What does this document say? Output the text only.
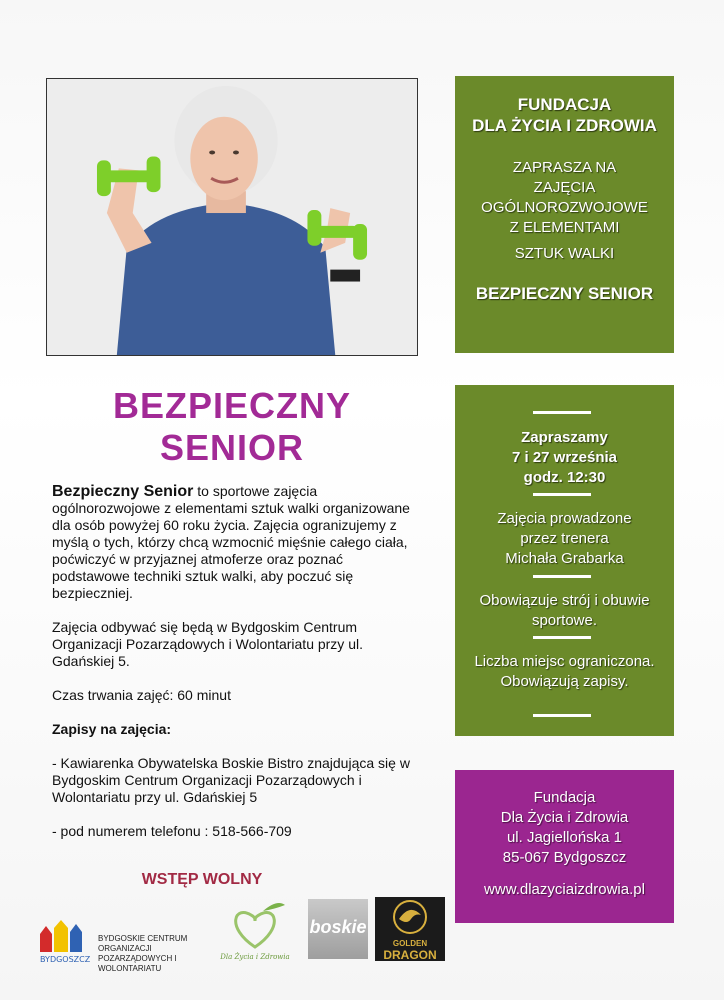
FUNDACJA
DLA ŻYCIA I ZDROWIA
ZAPRASZA NA
ZAJĘCIA
OGÓLNOROZWOJOWE
Z ELEMENTAMI
SZTUK WALKI
BEZPIECZNY SENIOR
BEZPIECZNY
SENIOR

Bezpieczny Senior to sportowe zajęcia ogólnorozwojowe z elementami sztuk walki organizowane dla osób powyżej 60 roku życia. Zajęcia ogranizujemy z myślą o tych, którzy chcą wzmocnić mięśnie całego ciała, poćwiczyć w przyjaznej atmoferze oraz poznać podstawowe techniki sztuk walki, aby poczuć się bezpieczniej.

Zajęcia odbywać się będą w Bydgoskim Centrum Organizacji Pozarządowych i Wolontariatu przy ul. Gdańskiej 5.

Czas trwania zajęć: 60 minut

Zapisy na zajęcia:

- Kawiarenka Obywatelska Boskie Bistro znajdująca się w Bydgoskim Centrum Organizacji Pozarządowych i Wolontariatu przy ul. Gdańskiej 5

- pod numerem telefonu : 518-566-709

WSTĘP WOLNY
Zapraszamy
7 i 27 września
godz. 12:30
Zajęcia prowadzone
przez trenera
Michała Grabarka
Obowiązuje strój i obuwie
sportowe.
Liczba miejsc ograniczona.
Obowiązują zapisy.
Fundacja
Dla Życia i Zdrowia
ul. Jagiellońska 1
85-067 Bydgoszcz
www.dlazyciaizdrowia.pl
BYDGOSZCZ
BYDGOSKIE CENTRUM ORGANIZACJI
POZARZĄDOWYCH I WOLONTARIATU
Dla Życia i Zdrowia
boskie
GOLDEN
DRAGON
